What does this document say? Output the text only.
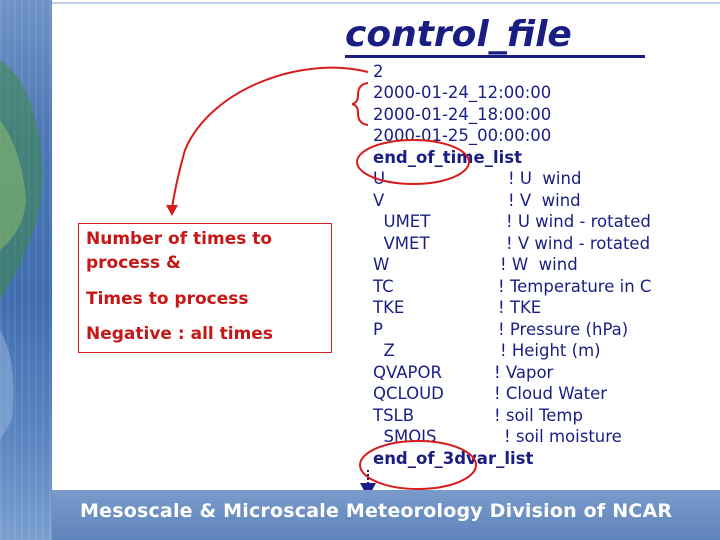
control_file
2
2000-01-24_12:00:00
2000-01-24_18:00:00
2000-01-25_00:00:00
end_of_time_list
U
V
UMET
VMET
W
TC
TKE
P
Z
QVAPOR
QCLOUD
TSLB
SMOIS
end_of_3dvar_list
! U  wind
! V  wind
! U wind - rotated
! V wind - rotated
! W  wind
! Temperature in C
! TKE
! Pressure (hPa)
! Height (m)
! Vapor
! Cloud Water
! soil Temp
! soil moisture
Number of times to
process &
Times to process
Negative : all times
Mesoscale & Microscale Meteorology Division of NCAR
